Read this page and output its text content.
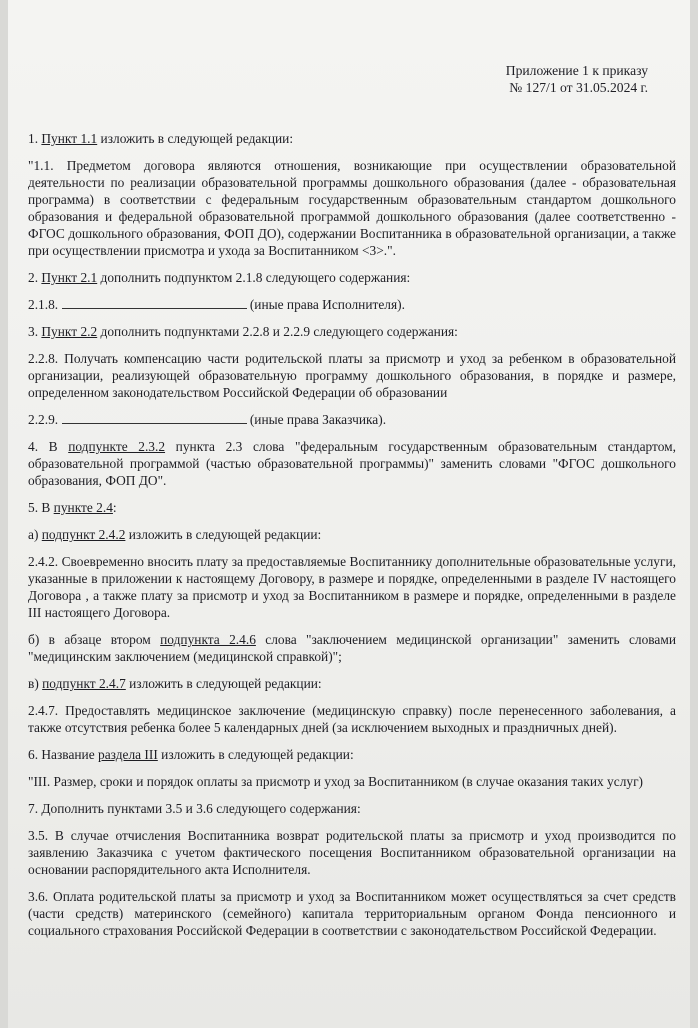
Приложение 1 к приказу
№ 127/1 от 31.05.2024 г.

1. Пункт 1.1 изложить в следующей редакции:

"1.1. Предметом договора являются отношения, возникающие при осуществлении образовательной деятельности по реализации образовательной программы дошкольного образования (далее - образовательная программа) в соответствии с федеральным государственным образовательным стандартом дошкольного образования и федеральной образовательной программой дошкольного образования (далее соответственно - ФГОС дошкольного образования, ФОП ДО), содержании Воспитанника в образовательной организации, а также при осуществлении присмотра и ухода за Воспитанником <3>.".

2. Пункт 2.1 дополнить подпунктом 2.1.8 следующего содержания:

2.1.8.	(иные права Исполнителя).

3. Пункт 2.2 дополнить подпунктами 2.2.8 и 2.2.9 следующего содержания:

2.2.8. Получать компенсацию части родительской платы за присмотр и уход за ребенком в образовательной организации, реализующей образовательную программу дошкольного образования, в порядке и размере, определенном законодательством Российской Федерации об образовании

2.2.9.	(иные права Заказчика).

4. В подпункте 2.3.2 пункта 2.3 слова "федеральным государственным образовательным стандартом, образовательной программой (частью образовательной программы)" заменить словами "ФГОС дошкольного образования, ФОП ДО".

5. В пункте 2.4:

а) подпункт 2.4.2 изложить в следующей редакции:

2.4.2. Своевременно вносить плату за предоставляемые Воспитаннику дополнительные образовательные услуги, указанные в приложении к настоящему Договору, в размере и порядке, определенными в разделе IV настоящего Договора , а также плату за присмотр и уход за Воспитанником в размере и порядке, определенными в разделе III настоящего Договора.

б) в абзаце втором подпункта 2.4.6 слова "заключением медицинской организации" заменить словами "медицинским заключением (медицинской справкой)";

в) подпункт 2.4.7 изложить в следующей редакции:

2.4.7. Предоставлять медицинское заключение (медицинскую справку) после перенесенного заболевания, а также отсутствия ребенка более 5 календарных дней (за исключением выходных и праздничных дней).

6. Название раздела III изложить в следующей редакции:

"III. Размер, сроки и порядок оплаты за присмотр и уход за Воспитанником (в случае оказания таких услуг)

7. Дополнить пунктами 3.5 и 3.6 следующего содержания:

3.5. В случае отчисления Воспитанника возврат родительской платы за присмотр и уход производится по заявлению Заказчика с учетом фактического посещения Воспитанником образовательной организации на основании распорядительного акта Исполнителя.

3.6. Оплата родительской платы за присмотр и уход за Воспитанником может осуществляться за счет средств (части средств) материнского (семейного) капитала территориальным органом Фонда пенсионного и социального страхования Российской Федерации в соответствии с законодательством Российской Федерации.
